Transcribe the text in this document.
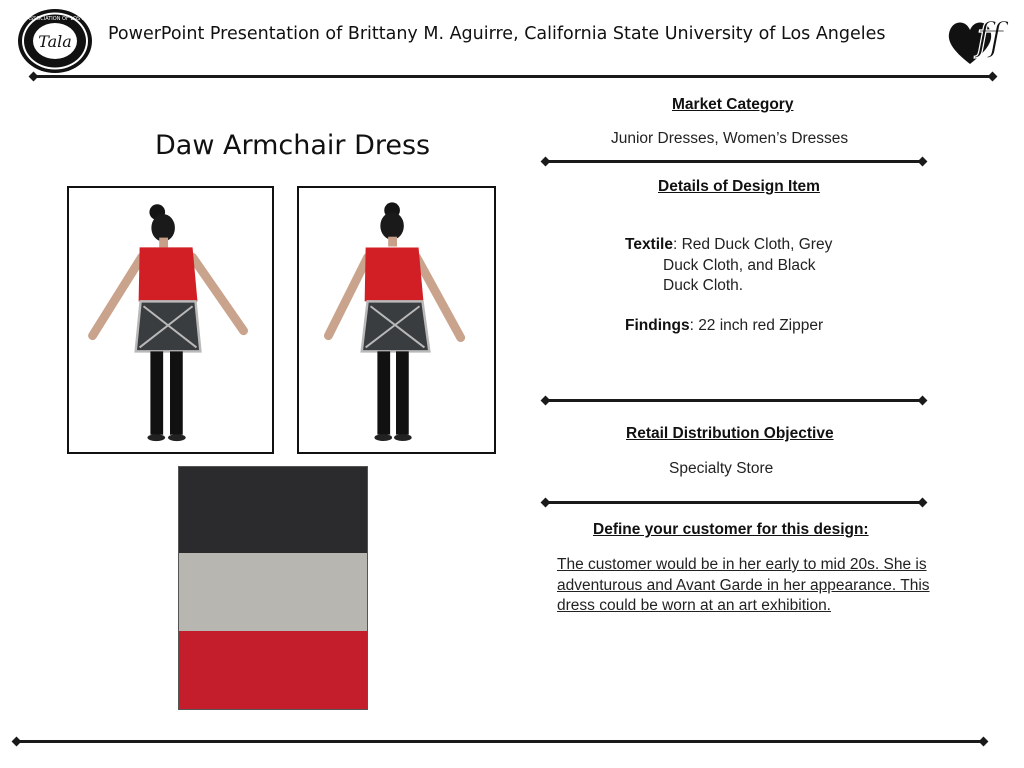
Tala
TEXTILE ASSOCIATION OF LOS ANGELES
PowerPoint Presentation of Brittany M. Aguirre, California State University of Los Angeles ff
Daw Armchair Dress
Market Category
Junior Dresses, Women’s Dresses
Details of Design Item
Textile: Red Duck Cloth, Grey
Duck Cloth, and Black
Duck Cloth.
Findings: 22 inch red Zipper
Retail Distribution Objective
Specialty Store
Define your customer for this design:
The customer would be in her early to mid 20s. She is adventurous and Avant Garde in her appearance. This dress could be worn at an art exhibition.
